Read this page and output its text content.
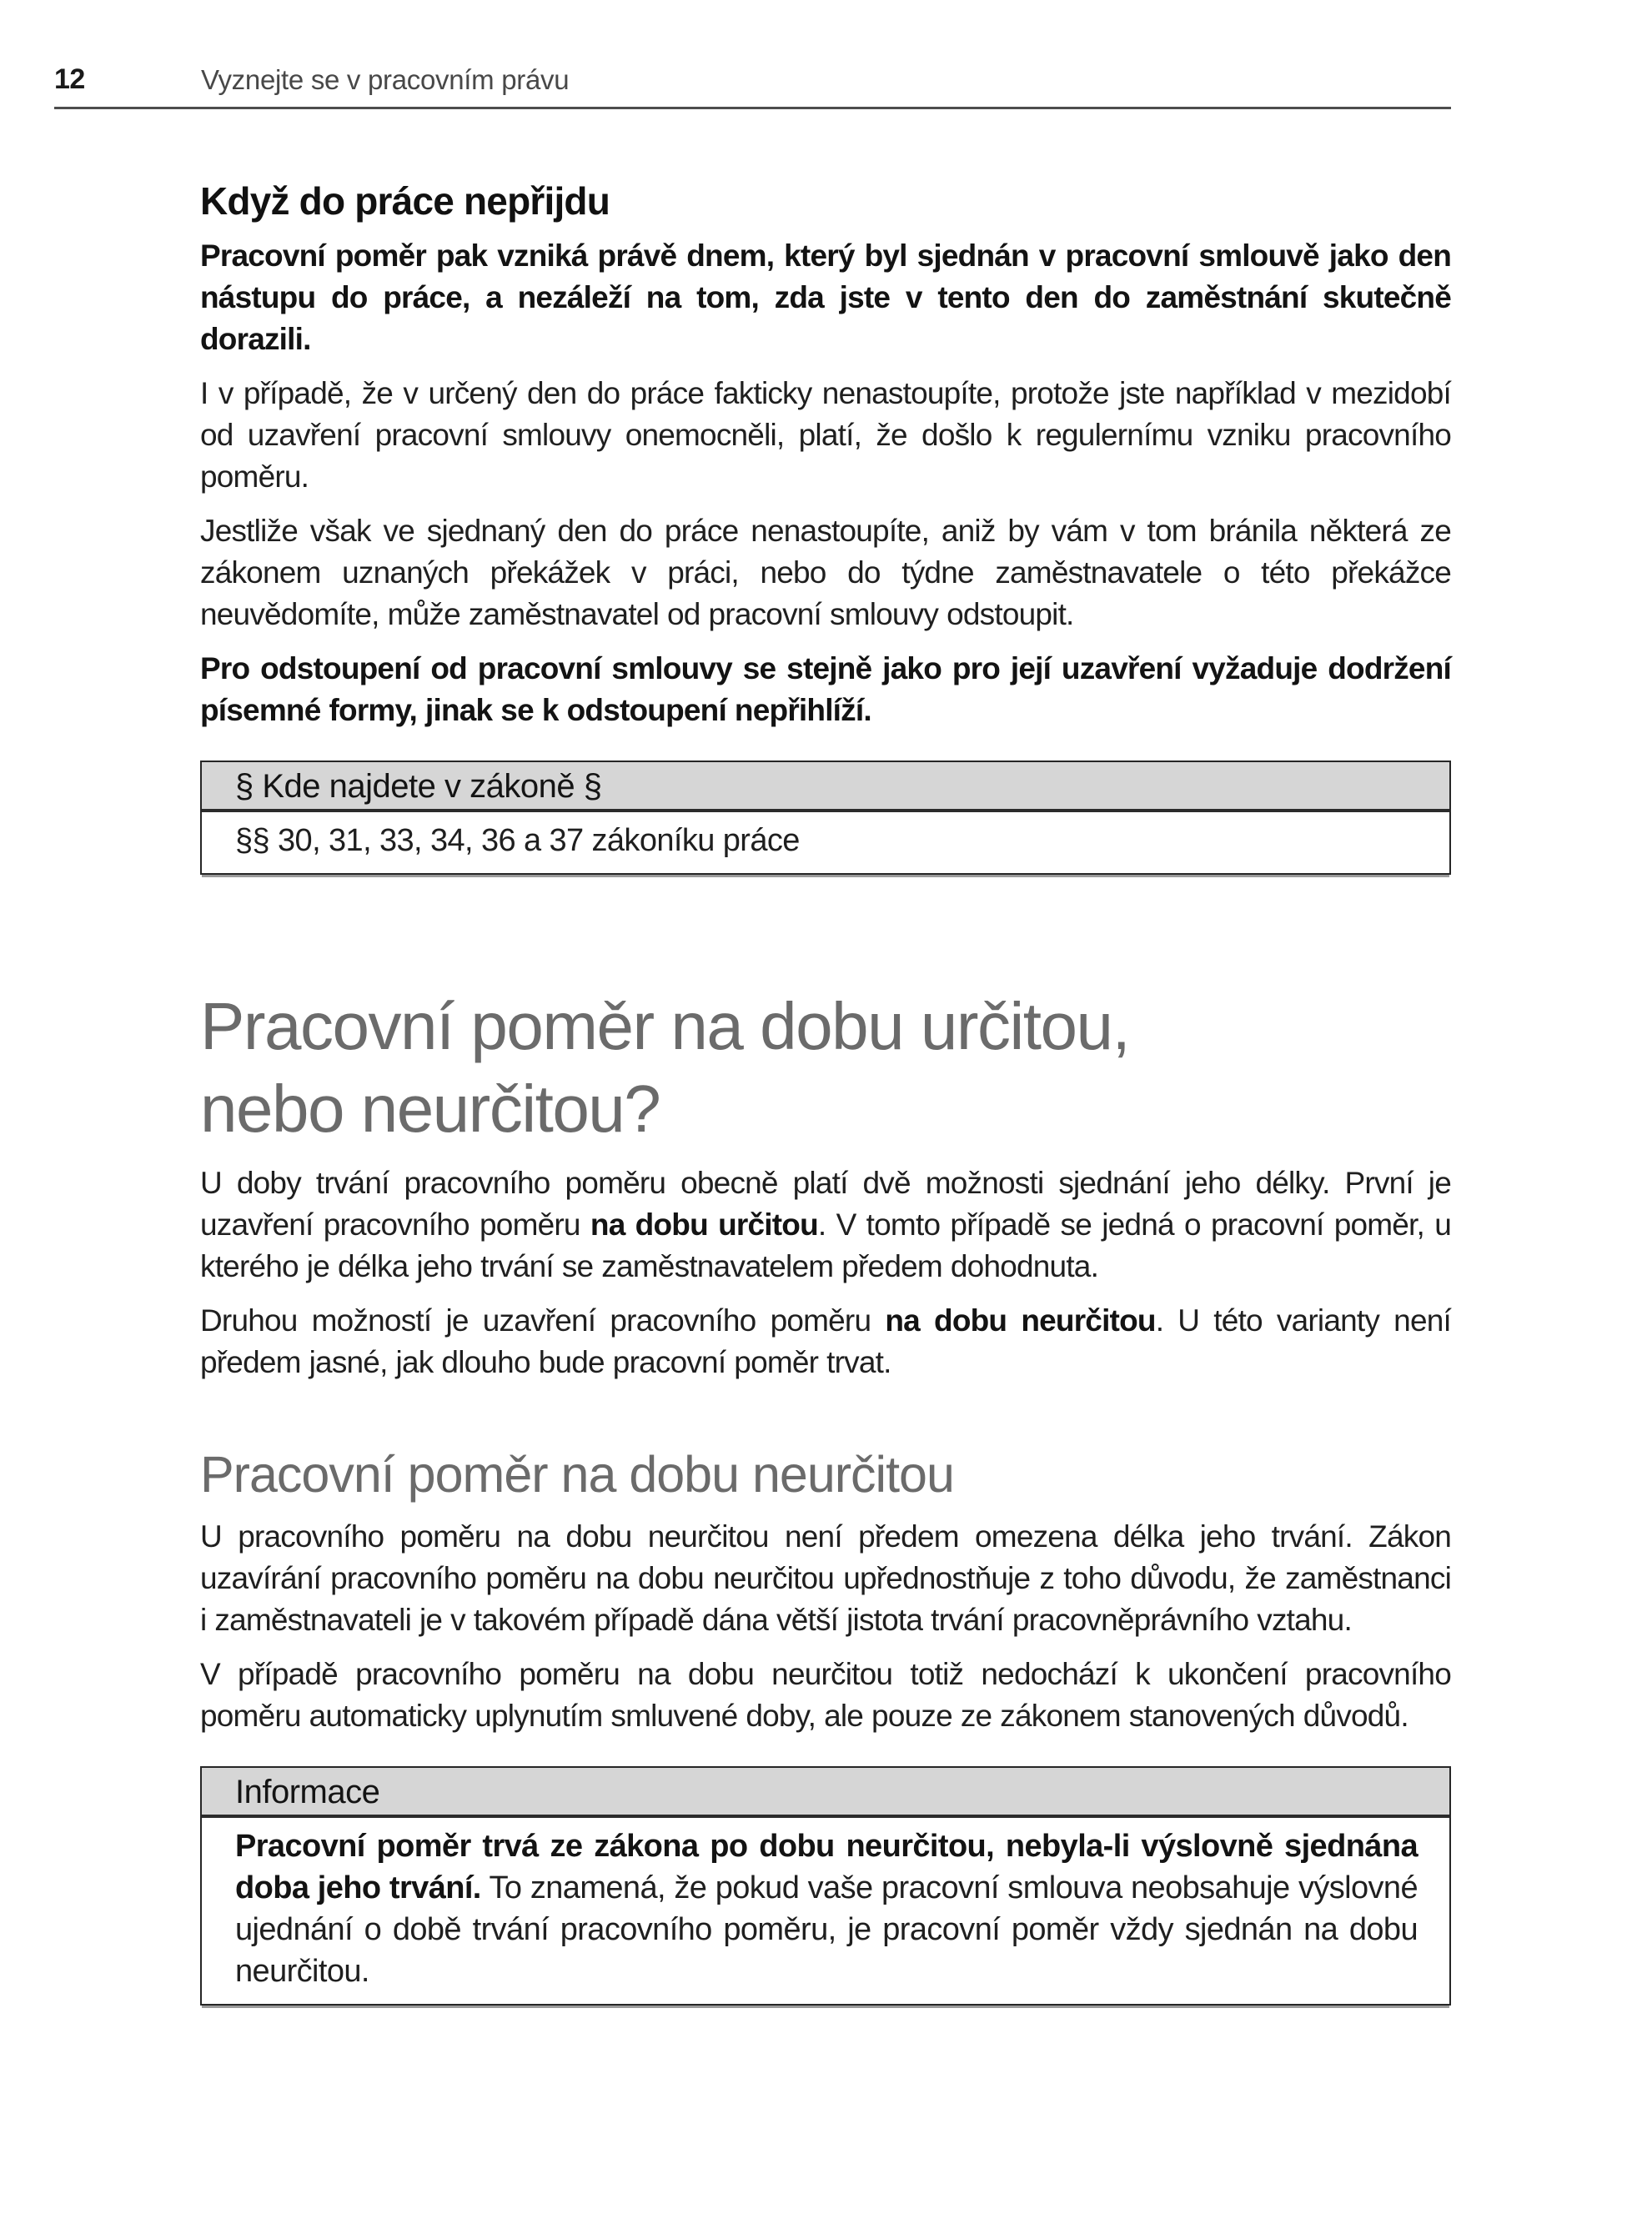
12	Vyznejte se v pracovním právu
Když do práce nepřijdu

Pracovní poměr pak vzniká právě dnem, který byl sjednán v pracovní smlouvě jako den nástupu do práce, a nezáleží na tom, zda jste v tento den do zaměstnání skutečně dorazili.

I v případě, že v určený den do práce fakticky nenastoupíte, protože jste například v mezidobí od uzavření pracovní smlouvy onemocněli, platí, že došlo k regulernímu vzniku pracovního poměru.

Jestliže však ve sjednaný den do práce nenastoupíte, aniž by vám v tom bránila některá ze zákonem uznaných překážek v práci, nebo do týdne zaměstnavatele o této překážce neuvědomíte, může zaměstnavatel od pracovní smlouvy odstoupit.

Pro odstoupení od pracovní smlouvy se stejně jako pro její uzavření vyžaduje dodržení písemné formy, jinak se k odstoupení nepřihlíží.

§ Kde najdete v zákoně §
§§ 30, 31, 33, 34, 36 a 37 zákoníku práce
Pracovní poměr na dobu určitou,
nebo neurčitou?

U doby trvání pracovního poměru obecně platí dvě možnosti sjednání jeho délky. První je uzavření pracovního poměru na dobu určitou. V tomto případě se jedná o pracovní poměr, u kterého je délka jeho trvání se zaměstnavatelem předem dohodnuta.

Druhou možností je uzavření pracovního poměru na dobu neurčitou. U této varianty není předem jasné, jak dlouho bude pracovní poměr trvat.

Pracovní poměr na dobu neurčitou

U pracovního poměru na dobu neurčitou není předem omezena délka jeho trvání. Zákon uzavírání pracovního poměru na dobu neurčitou upřednostňuje z toho důvodu, že zaměstnanci i zaměstnavateli je v takovém případě dána větší jistota trvání pracovněprávního vztahu.

V případě pracovního poměru na dobu neurčitou totiž nedochází k ukončení pracovního poměru automaticky uplynutím smluvené doby, ale pouze ze zákonem stanovených důvodů.

Informace
Pracovní poměr trvá ze zákona po dobu neurčitou, nebyla-li výslovně sjednána doba jeho trvání. To znamená, že pokud vaše pracovní smlouva neobsahuje výslovné ujednání o době trvání pracovního poměru, je pracovní poměr vždy sjednán na dobu neurčitou.
